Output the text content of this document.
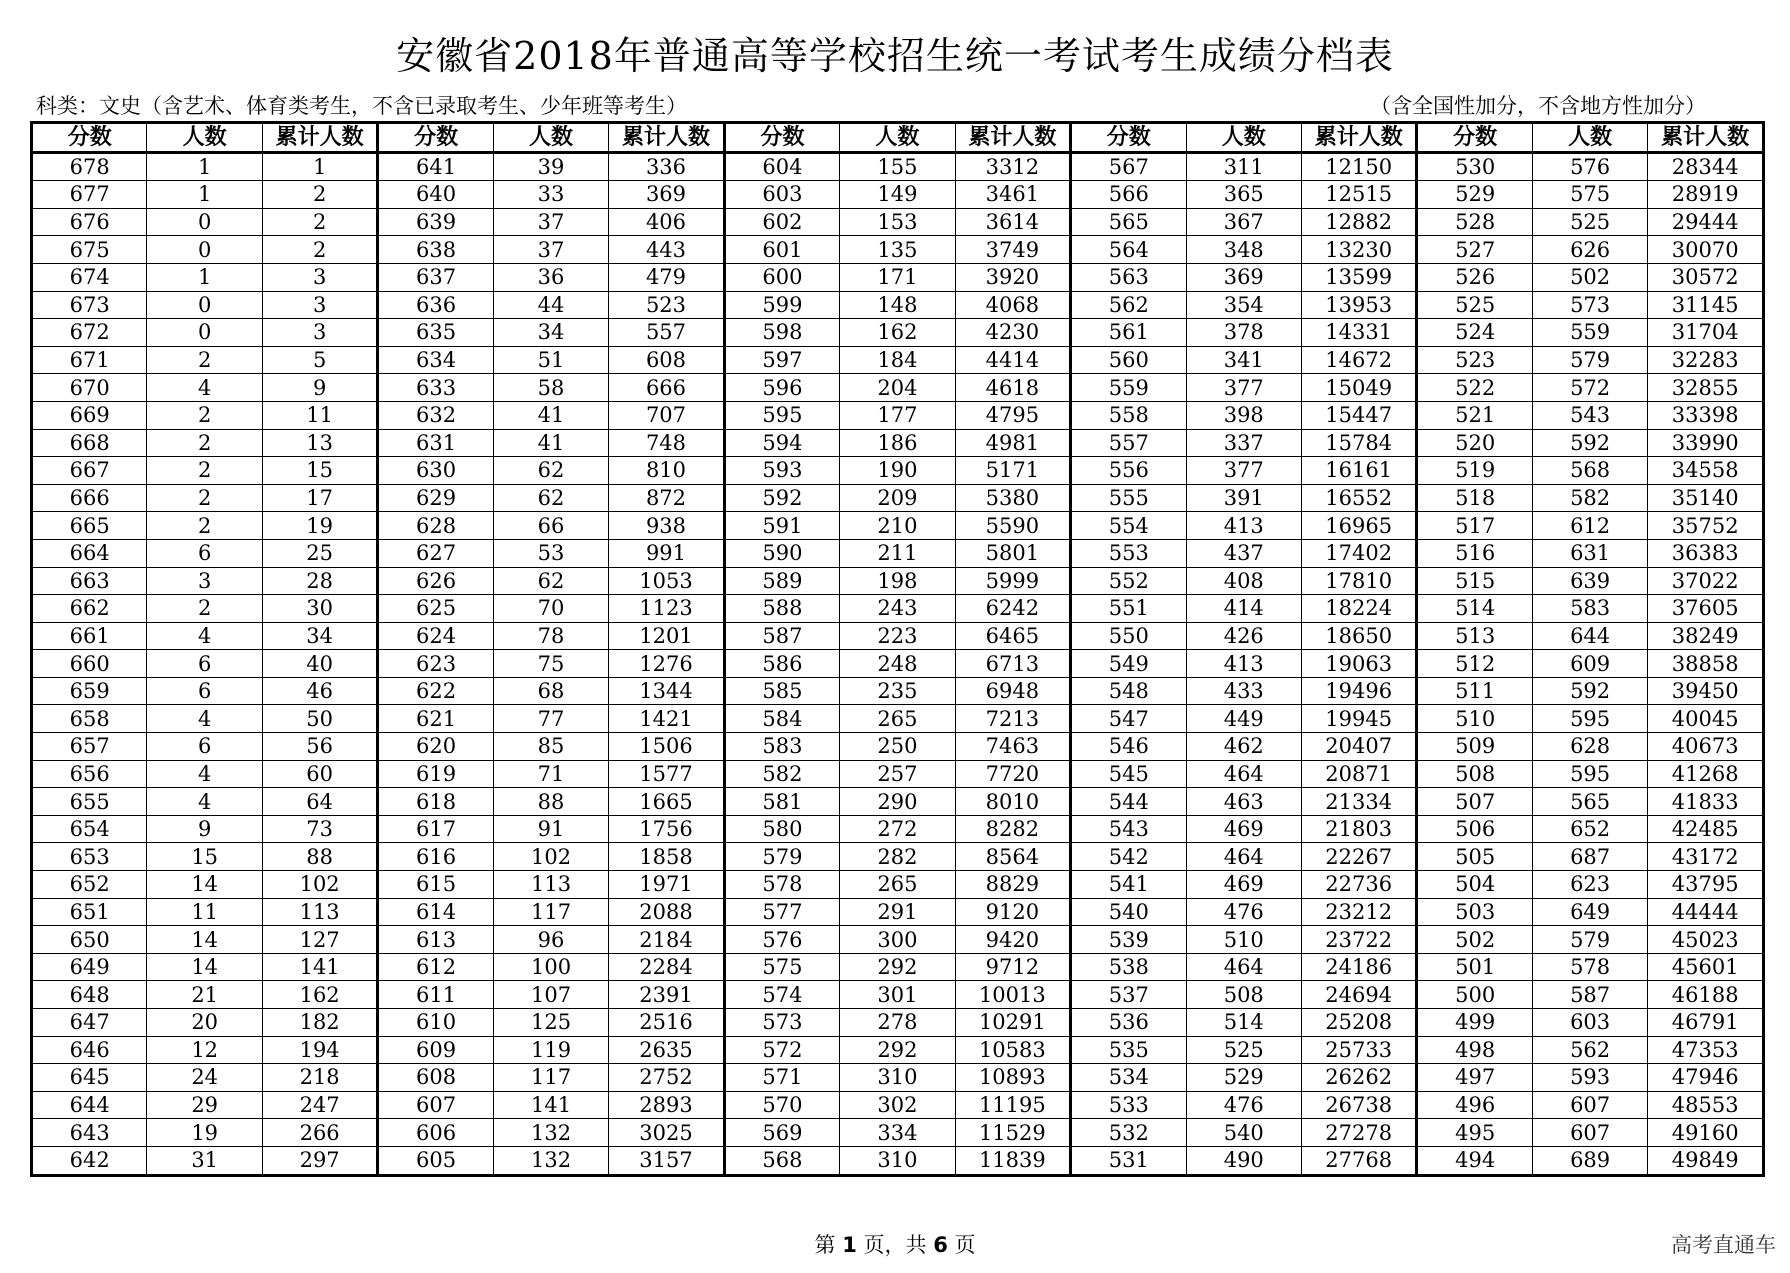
安徽省2018年普通高等学校招生统一考试考生成绩分档表
科类：文史（含艺术、体育类考生，不含已录取考生、少年班等考生）	（含全国性加分，不含地方性加分）
分数	人数	累计人数	分数	人数	累计人数	分数	人数	累计人数	分数	人数	累计人数	分数	人数	累计人数
678	1	1	641	39	336	604	155	3312	567	311	12150	530	576	28344
677	1	2	640	33	369	603	149	3461	566	365	12515	529	575	28919
676	0	2	639	37	406	602	153	3614	565	367	12882	528	525	29444
675	0	2	638	37	443	601	135	3749	564	348	13230	527	626	30070
674	1	3	637	36	479	600	171	3920	563	369	13599	526	502	30572
673	0	3	636	44	523	599	148	4068	562	354	13953	525	573	31145
672	0	3	635	34	557	598	162	4230	561	378	14331	524	559	31704
671	2	5	634	51	608	597	184	4414	560	341	14672	523	579	32283
670	4	9	633	58	666	596	204	4618	559	377	15049	522	572	32855
669	2	11	632	41	707	595	177	4795	558	398	15447	521	543	33398
668	2	13	631	41	748	594	186	4981	557	337	15784	520	592	33990
667	2	15	630	62	810	593	190	5171	556	377	16161	519	568	34558
666	2	17	629	62	872	592	209	5380	555	391	16552	518	582	35140
665	2	19	628	66	938	591	210	5590	554	413	16965	517	612	35752
664	6	25	627	53	991	590	211	5801	553	437	17402	516	631	36383
663	3	28	626	62	1053	589	198	5999	552	408	17810	515	639	37022
662	2	30	625	70	1123	588	243	6242	551	414	18224	514	583	37605
661	4	34	624	78	1201	587	223	6465	550	426	18650	513	644	38249
660	6	40	623	75	1276	586	248	6713	549	413	19063	512	609	38858
659	6	46	622	68	1344	585	235	6948	548	433	19496	511	592	39450
658	4	50	621	77	1421	584	265	7213	547	449	19945	510	595	40045
657	6	56	620	85	1506	583	250	7463	546	462	20407	509	628	40673
656	4	60	619	71	1577	582	257	7720	545	464	20871	508	595	41268
655	4	64	618	88	1665	581	290	8010	544	463	21334	507	565	41833
654	9	73	617	91	1756	580	272	8282	543	469	21803	506	652	42485
653	15	88	616	102	1858	579	282	8564	542	464	22267	505	687	43172
652	14	102	615	113	1971	578	265	8829	541	469	22736	504	623	43795
651	11	113	614	117	2088	577	291	9120	540	476	23212	503	649	44444
650	14	127	613	96	2184	576	300	9420	539	510	23722	502	579	45023
649	14	141	612	100	2284	575	292	9712	538	464	24186	501	578	45601
648	21	162	611	107	2391	574	301	10013	537	508	24694	500	587	46188
647	20	182	610	125	2516	573	278	10291	536	514	25208	499	603	46791
646	12	194	609	119	2635	572	292	10583	535	525	25733	498	562	47353
645	24	218	608	117	2752	571	310	10893	534	529	26262	497	593	47946
644	29	247	607	141	2893	570	302	11195	533	476	26738	496	607	48553
643	19	266	606	132	3025	569	334	11529	532	540	27278	495	607	49160
642	31	297	605	132	3157	568	310	11839	531	490	27768	494	689	49849
第 1 页，共 6 页	高考直通车
